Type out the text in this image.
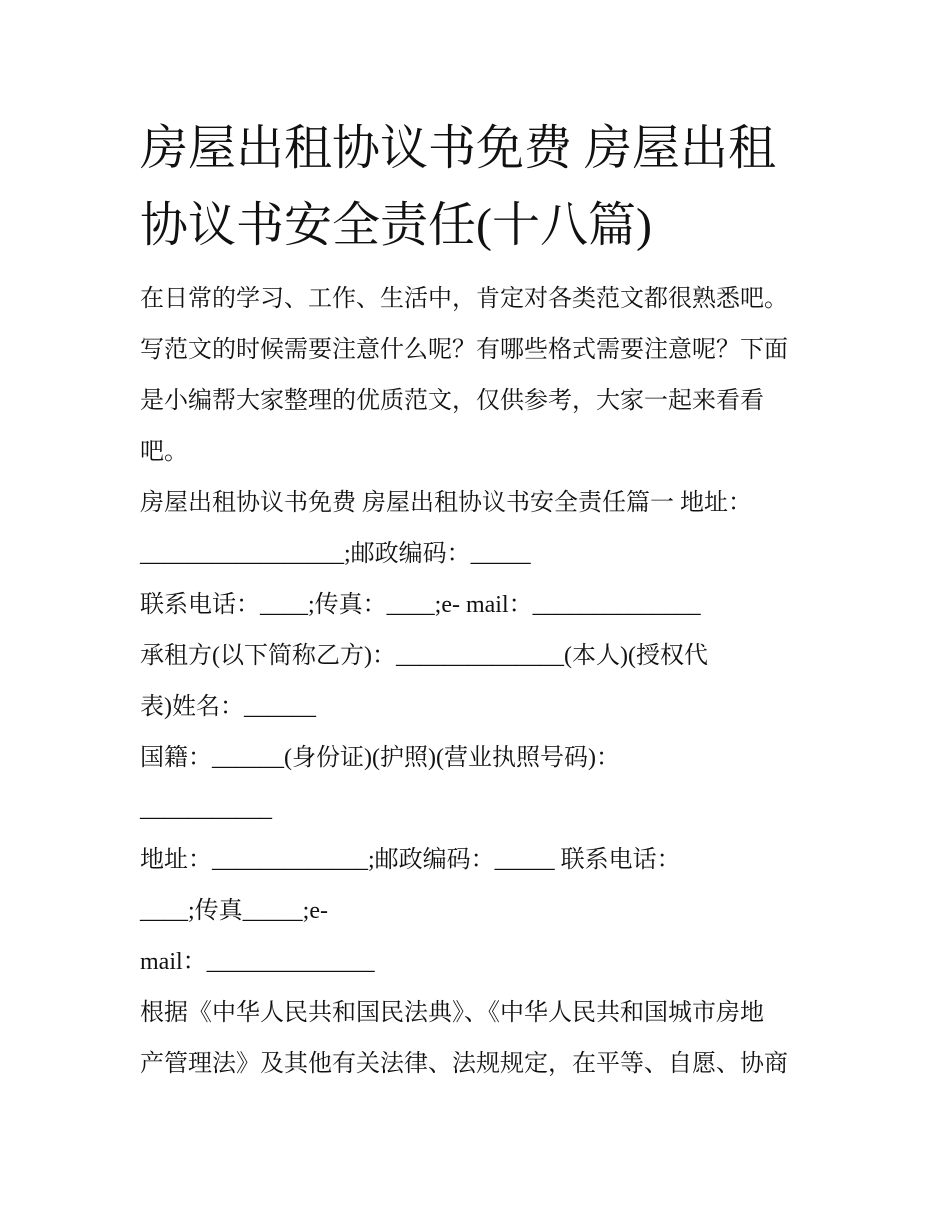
房屋出租协议书免费 房屋出租
协议书安全责任(十八篇)
在日常的学习、工作、生活中，肯定对各类范文都很熟悉吧。
写范文的时候需要注意什么呢？有哪些格式需要注意呢？下面
是小编帮大家整理的优质范文，仅供参考，大家一起来看看
吧。
房屋出租协议书免费 房屋出租协议书安全责任篇一 地址：
_________________;邮政编码：_____
联系电话：____;传真：____;e- mail：______________
承租方(以下简称乙方)：______________(本人)(授权代
表)姓名：______
国籍：______(身份证)(护照)(营业执照号码)：
___________
地址：_____________;邮政编码：_____ 联系电话：
____;传真_____;e-
mail：______________
根据《中华人民共和国民法典》、《中华人民共和国城市房地
产管理法》及其他有关法律、法规规定，在平等、自愿、协商
